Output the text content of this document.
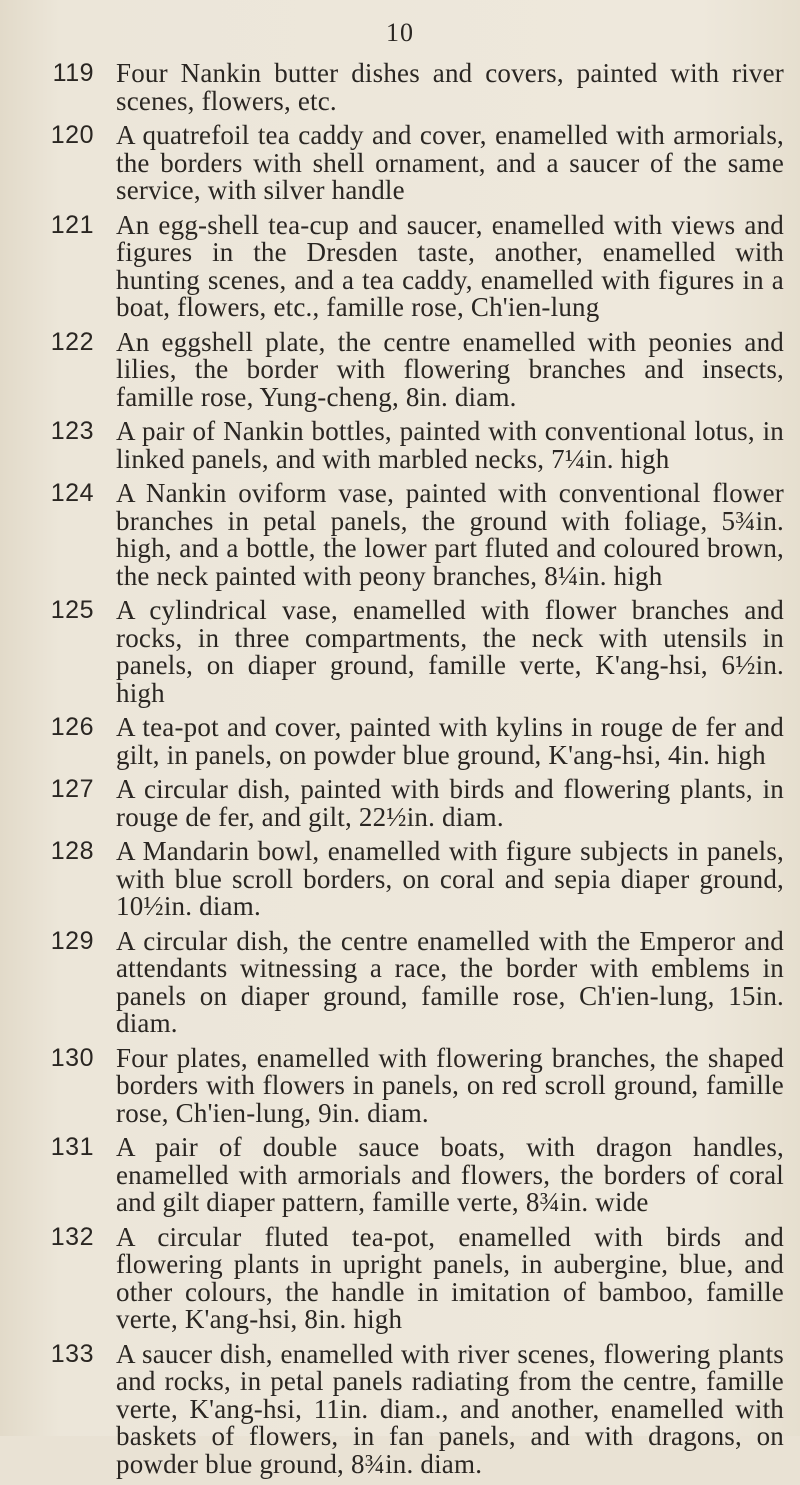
10
119 Four Nankin butter dishes and covers, painted with river scenes, flowers, etc.
120 A quatrefoil tea caddy and cover, enamelled with armorials, the borders with shell ornament, and a saucer of the same service, with silver handle
121 An egg-shell tea-cup and saucer, enamelled with views and figures in the Dresden taste, another, enamelled with hunting scenes, and a tea caddy, enamelled with figures in a boat, flowers, etc., famille rose, Ch'ien-lung
122 An eggshell plate, the centre enamelled with peonies and lilies, the border with flowering branches and insects, famille rose, Yung-cheng, 8in. diam.
123 A pair of Nankin bottles, painted with conventional lotus, in linked panels, and with marbled necks, 7¼in. high
124 A Nankin oviform vase, painted with conventional flower branches in petal panels, the ground with foliage, 5¾in. high, and a bottle, the lower part fluted and coloured brown, the neck painted with peony branches, 8¼in. high
125 A cylindrical vase, enamelled with flower branches and rocks, in three compartments, the neck with utensils in panels, on diaper ground, famille verte, K'ang-hsi, 6½in. high
126 A tea-pot and cover, painted with kylins in rouge de fer and gilt, in panels, on powder blue ground, K'ang-hsi, 4in. high
127 A circular dish, painted with birds and flowering plants, in rouge de fer, and gilt, 22½in. diam.
128 A Mandarin bowl, enamelled with figure subjects in panels, with blue scroll borders, on coral and sepia diaper ground, 10½in. diam.
129 A circular dish, the centre enamelled with the Emperor and attendants witnessing a race, the border with emblems in panels on diaper ground, famille rose, Ch'ien-lung, 15in. diam.
130 Four plates, enamelled with flowering branches, the shaped borders with flowers in panels, on red scroll ground, famille rose, Ch'ien-lung, 9in. diam.
131 A pair of double sauce boats, with dragon handles, enamelled with armorials and flowers, the borders of coral and gilt diaper pattern, famille verte, 8¾in. wide
132 A circular fluted tea-pot, enamelled with birds and flowering plants in upright panels, in aubergine, blue, and other colours, the handle in imitation of bamboo, famille verte, K'ang-hsi, 8in. high
133 A saucer dish, enamelled with river scenes, flowering plants and rocks, in petal panels radiating from the centre, famille verte, K'ang-hsi, 11in. diam., and another, enamelled with baskets of flowers, in fan panels, and with dragons, on powder blue ground, 8¾in. diam.
